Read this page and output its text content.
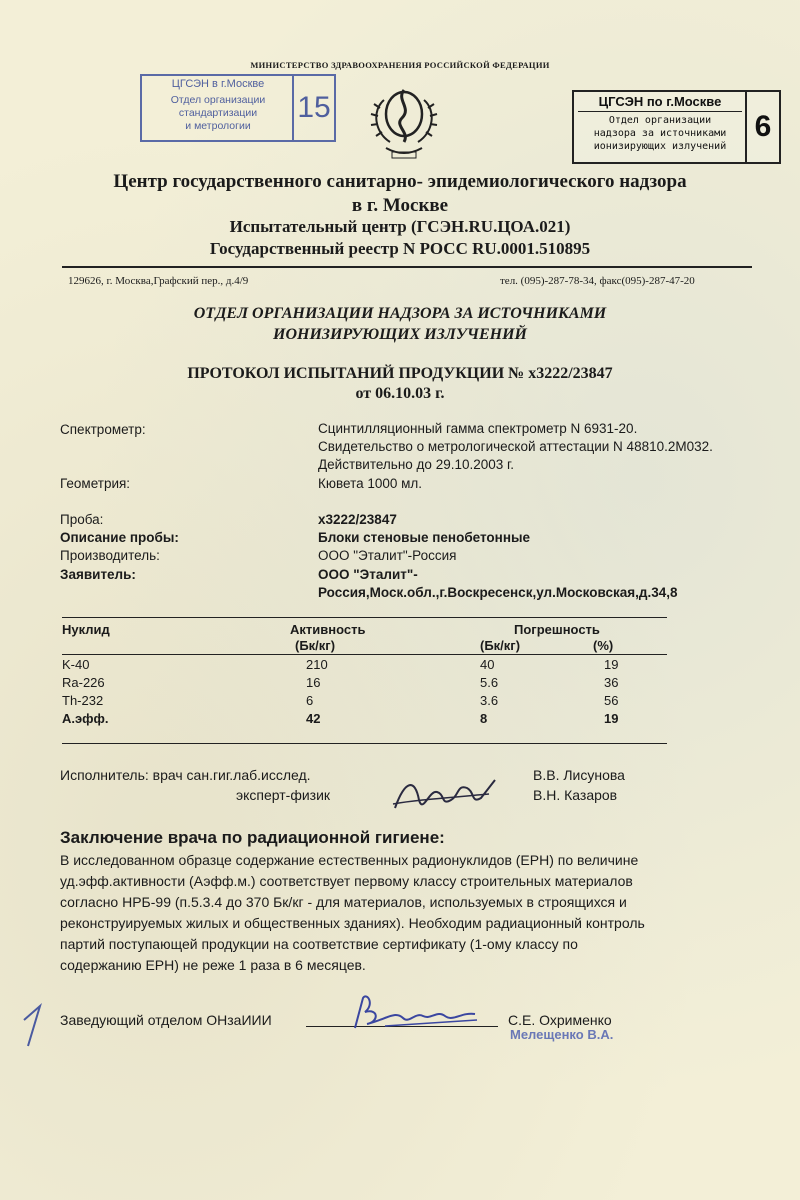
МИНИСТЕРСТВО ЗДРАВООХРАНЕНИЯ РОССИЙСКОЙ ФЕДЕРАЦИИ
ЦГСЭН в г.Москве
Отдел организации
стандартизации
и метрологии
15	ЦГСЭН по г.Москве
Отдел организации
надзора за источниками
ионизирующих излучений
6
Центр государственного санитарно- эпидемиологического надзора
в г. Москве
Испытательный центр (ГСЭН.RU.ЦОА.021)
Государственный реестр N РОСС RU.0001.510895
129626, г. Москва,Графский пер., д.4/9	тел. (095)-287-78-34, факс(095)-287-47-20
ОТДЕЛ ОРГАНИЗАЦИИ НАДЗОРА ЗА ИСТОЧНИКАМИ
ИОНИЗИРУЮЩИХ ИЗЛУЧЕНИЙ
ПРОТОКОЛ ИСПЫТАНИЙ ПРОДУКЦИИ № х3222/23847
от 06.10.03 г.
Спектрометр:	Сцинтилляционный гамма спектрометр N 6931-20.
Свидетельство о метрологической аттестации N 48810.2М032.
Действительно до 29.10.2003 г.
Геометрия:	Кювета 1000 мл.
Проба:	х3222/23847
Описание пробы:	Блоки стеновые пенобетонные
Производитель:	ООО "Эталит"-Россия
Заявитель:	ООО "Эталит"-
Россия,Моск.обл.,г.Воскресенск,ул.Московская,д.34,8
Нуклид	Активность
(Бк/кг)
Погрешность
(Бк/кг)	(%)
K-40	210	40	19
Ra-226	16	5.6	36
Th-232	6	3.6	56
А.эфф.	42	8	19
Исполнитель: врач сан.гиг.лаб.исслед.
эксперт-физик
В.В. Лисунова
В.Н. Казаров
Заключение врача по радиационной гигиене:
В исследованном образце содержание естественных радионуклидов (ЕРН) по величине
уд.эфф.активности (Аэфф.м.) соответствует первому классу строительных материалов
согласно НРБ-99 (п.5.3.4 до 370 Бк/кг - для материалов, используемых в строящихся и
реконструируемых жилых и общественных зданиях). Необходим радиационный контроль
партий поступающей продукции на соответствие сертификату (1-ому классу по
содержанию ЕРН) не реже 1 раза в 6 месяцев.
Заведующий отделом ОНзаИИИ	С.Е. Охрименко
Мелещенко В.А.
